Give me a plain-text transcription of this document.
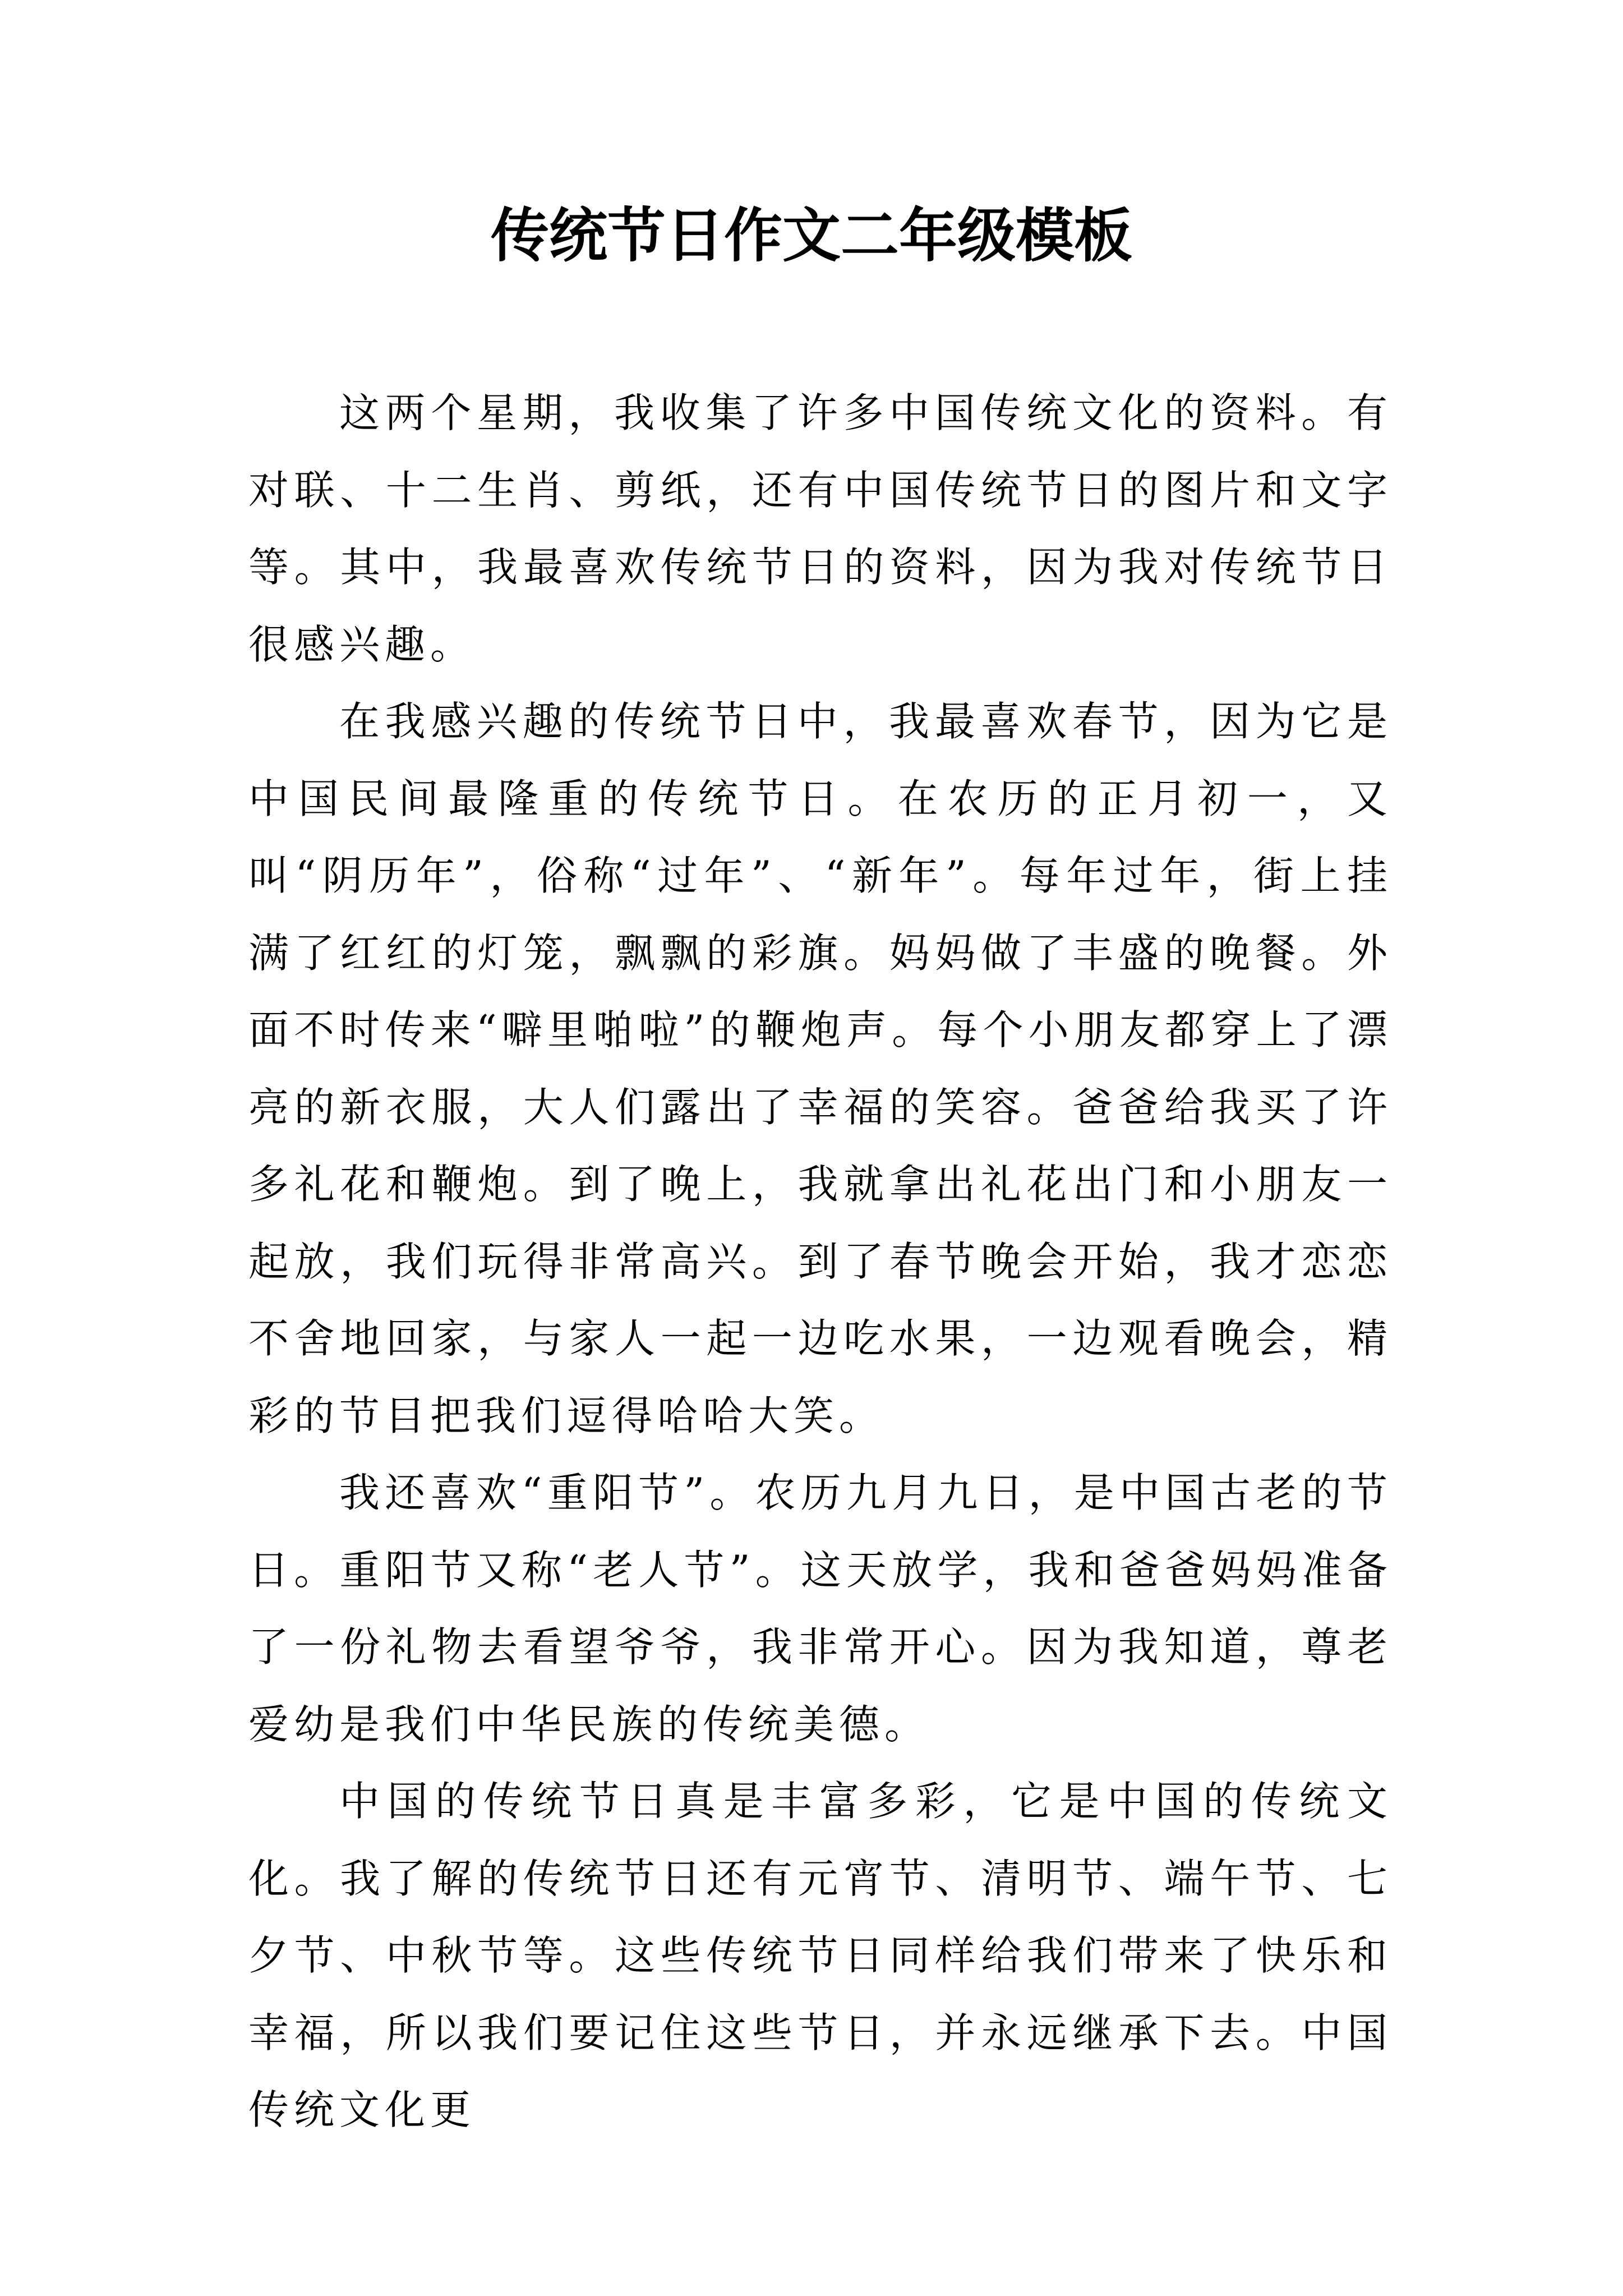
传统节日作文二年级模板

这两个星期，我收集了许多中国传统文化的资料。有对联、十二生肖、剪纸，还有中国传统节日的图片和文字等。其中，我最喜欢传统节日的资料，因为我对传统节日很感兴趣。

在我感兴趣的传统节日中，我最喜欢春节，因为它是中国民间最隆重的传统节日。在农历的正月初一，又叫“阴历年”，俗称“过年”、“新年”。每年过年，街上挂满了红红的灯笼，飘飘的彩旗。妈妈做了丰盛的晚餐。外面不时传来“噼里啪啦”的鞭炮声。每个小朋友都穿上了漂亮的新衣服，大人们露出了幸福的笑容。爸爸给我买了许多礼花和鞭炮。到了晚上，我就拿出礼花出门和小朋友一起放，我们玩得非常高兴。到了春节晚会开始，我才恋恋不舍地回家，与家人一起一边吃水果，一边观看晚会，精彩的节目把我们逗得哈哈大笑。

我还喜欢“重阳节”。农历九月九日，是中国古老的节日。重阳节又称“老人节”。这天放学，我和爸爸妈妈准备了一份礼物去看望爷爷，我非常开心。因为我知道，尊老爱幼是我们中华民族的传统美德。

中国的传统节日真是丰富多彩，它是中国的传统文化。我了解的传统节日还有元宵节、清明节、端午节、七夕节、中秋节等。这些传统节日同样给我们带来了快乐和幸福，所以我们要记住这些节日，并永远继承下去。中国传统文化更
